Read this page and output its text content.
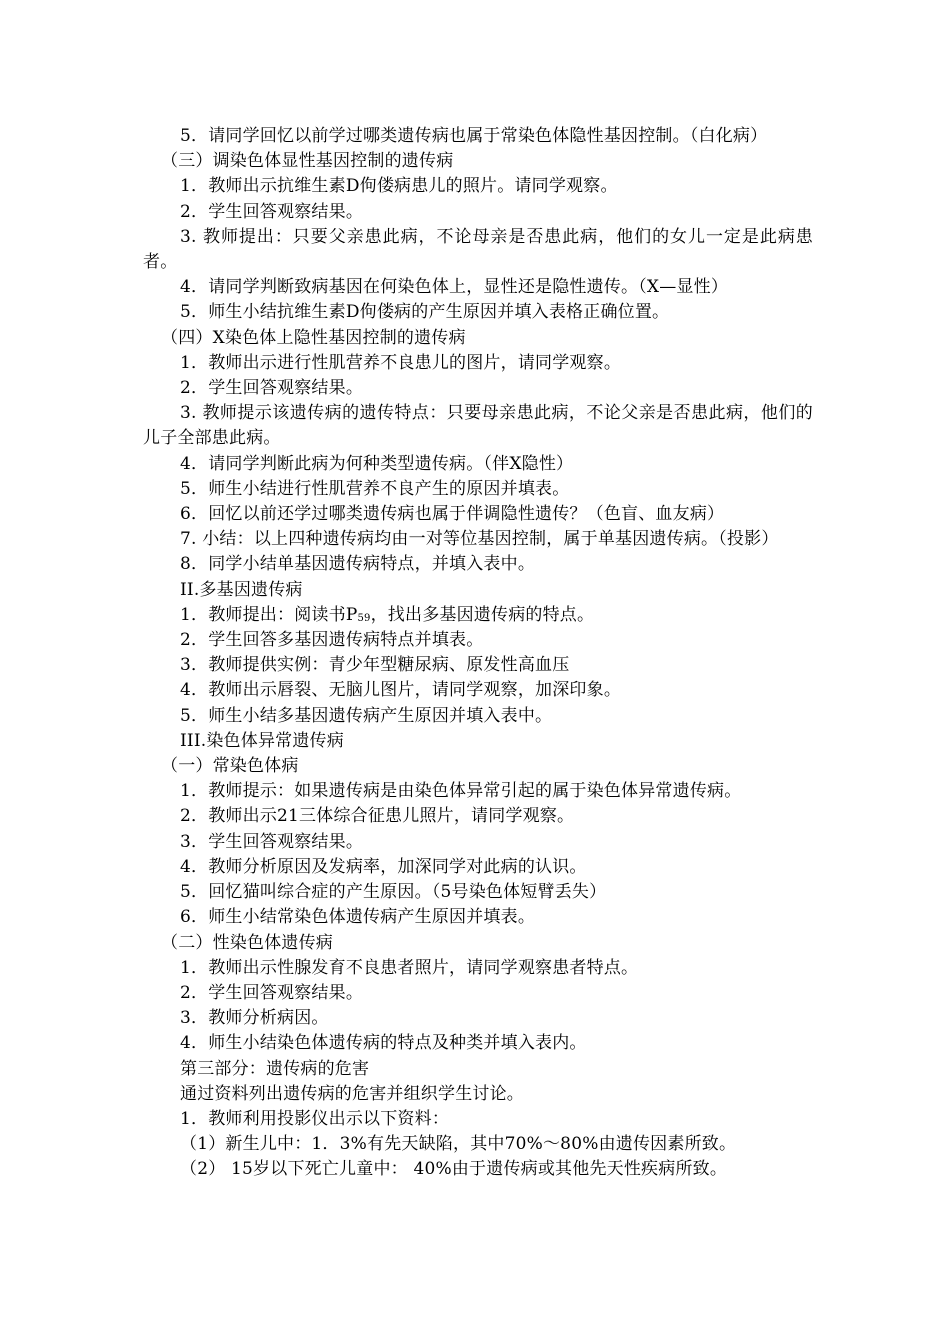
5．请同学回忆以前学过哪类遗传病也属于常染色体隐性基因控制。（白化病）
（三）调染色体显性基因控制的遗传病
1．教师出示抗维生素D佝偻病患儿的照片。请同学观察。
2．学生回答观察结果。
3. 教师提出：只要父亲患此病，不论母亲是否患此病，他们的女儿一定是此病患者。
4．请同学判断致病基因在何染色体上，显性还是隐性遗传。（X—显性）
5．师生小结抗维生素D佝偻病的产生原因并填入表格正确位置。
（四）X染色体上隐性基因控制的遗传病
1．教师出示进行性肌营养不良患儿的图片，请同学观察。
2．学生回答观察结果。
3. 教师提示该遗传病的遗传特点：只要母亲患此病，不论父亲是否患此病，他们的儿子全部患此病。
4．请同学判断此病为何种类型遗传病。（伴X隐性）
5．师生小结进行性肌营养不良产生的原因并填表。
6．回忆以前还学过哪类遗传病也属于伴调隐性遗传？（色盲、血友病）
7. 小结：以上四种遗传病均由一对等位基因控制，属于单基因遗传病。（投影）
8．同学小结单基因遗传病特点，并填入表中。
II.多基因遗传病
1．教师提出：阅读书$P_{59}$，找出多基因遗传病的特点。
2．学生回答多基因遗传病特点并填表。
3．教师提供实例：青少年型糖尿病、原发性高血压
4．教师出示唇裂、无脑儿图片，请同学观察，加深印象。
5．师生小结多基因遗传病产生原因并填入表中。
III.染色体异常遗传病
（一）常染色体病
1．教师提示：如果遗传病是由染色体异常引起的属于染色体异常遗传病。
2．教师出示21三体综合征患儿照片，请同学观察。
3．学生回答观察结果。
4．教师分析原因及发病率，加深同学对此病的认识。
5．回忆猫叫综合症的产生原因。（5号染色体短臂丢失）
6．师生小结常染色体遗传病产生原因并填表。
（二）性染色体遗传病
1．教师出示性腺发育不良患者照片，请同学观察患者特点。
2．学生回答观察结果。
3．教师分析病因。
4．师生小结染色体遗传病的特点及种类并填入表内。
第三部分：遗传病的危害
通过资料列出遗传病的危害并组织学生讨论。
1．教师利用投影仪出示以下资料：
（1）新生儿中：1．3%有先天缺陷，其中70%～80%由遗传因素所致。
（2） 15岁以下死亡儿童中： 40%由于遗传病或其他先天性疾病所致。
